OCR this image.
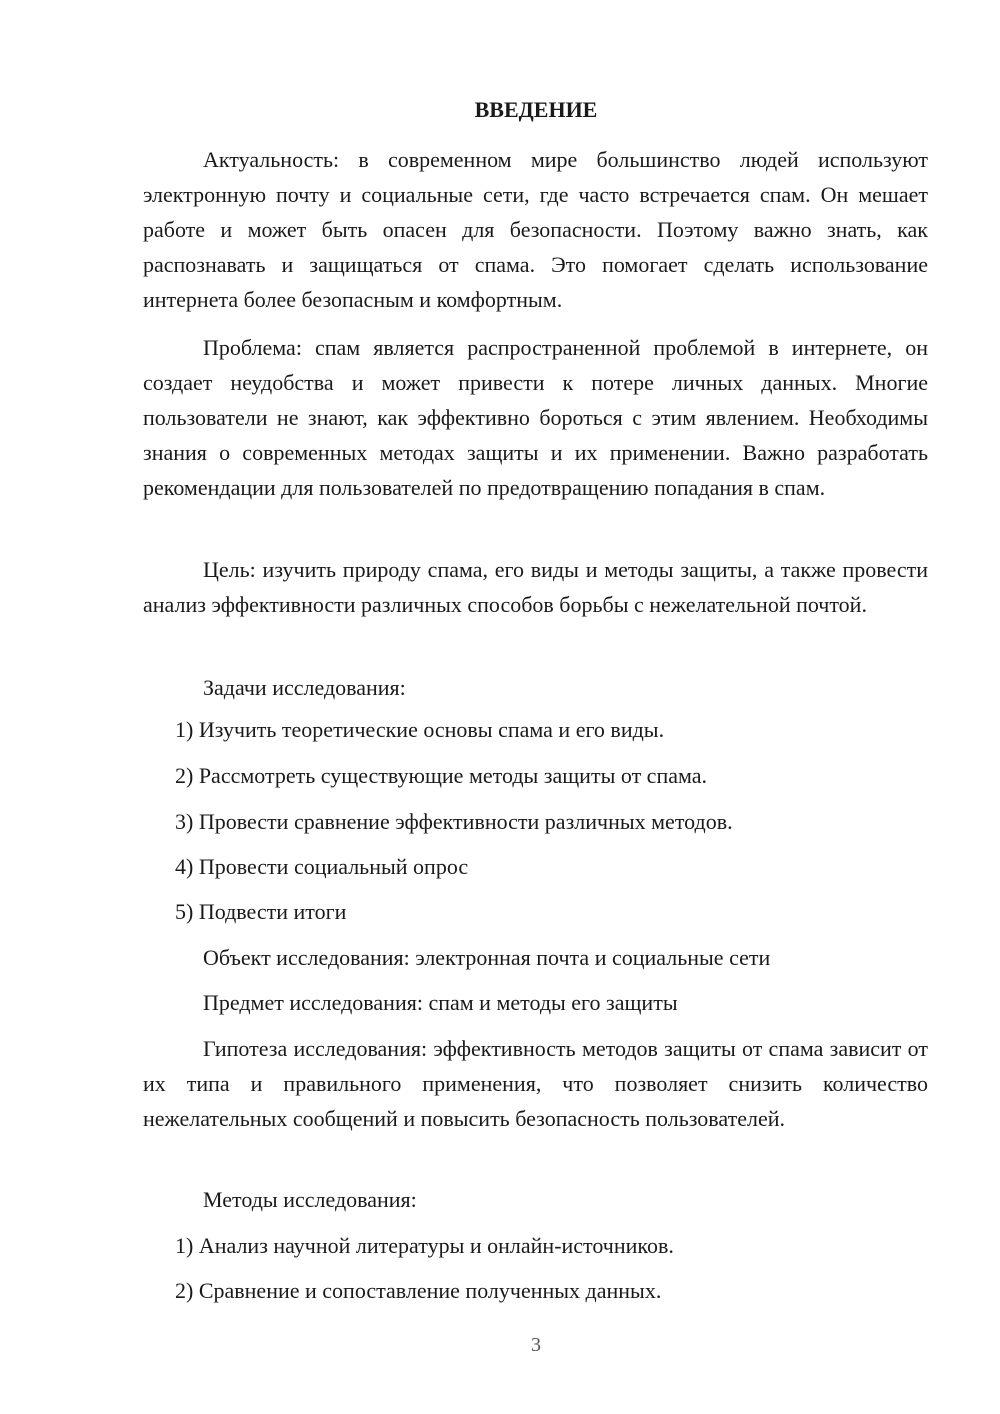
ВВЕДЕНИЕ

Актуальность: в современном мире большинство людей используют электронную почту и социальные сети, где часто встречается спам. Он мешает работе и может быть опасен для безопасности. Поэтому важно знать, как распознавать и защищаться от спама. Это помогает сделать использование интернета более безопасным и комфортным.

Проблема: спам является распространенной проблемой в интернете, он создает неудобства и может привести к потере личных данных. Многие пользователи не знают, как эффективно бороться с этим явлением. Необходимы знания о современных методах защиты и их применении. Важно разработать рекомендации для пользователей по предотвращению попадания в спам.

Цель: изучить природу спама, его виды и методы защиты, а также провести анализ эффективности различных способов борьбы с нежелательной почтой.

Задачи исследования:

1) Изучить теоретические основы спама и его виды.

2) Рассмотреть существующие методы защиты от спама.

3) Провести сравнение эффективности различных методов.

4) Провести социальный опрос

5) Подвести итоги

Объект исследования: электронная почта и социальные сети

Предмет исследования: спам и методы его защиты

Гипотеза исследования: эффективность методов защиты от спама зависит от их типа и правильного применения, что позволяет снизить количество нежелательных сообщений и повысить безопасность пользователей.

Методы исследования:

1) Анализ научной литературы и онлайн-источников.

2) Сравнение и сопоставление полученных данных.

3
